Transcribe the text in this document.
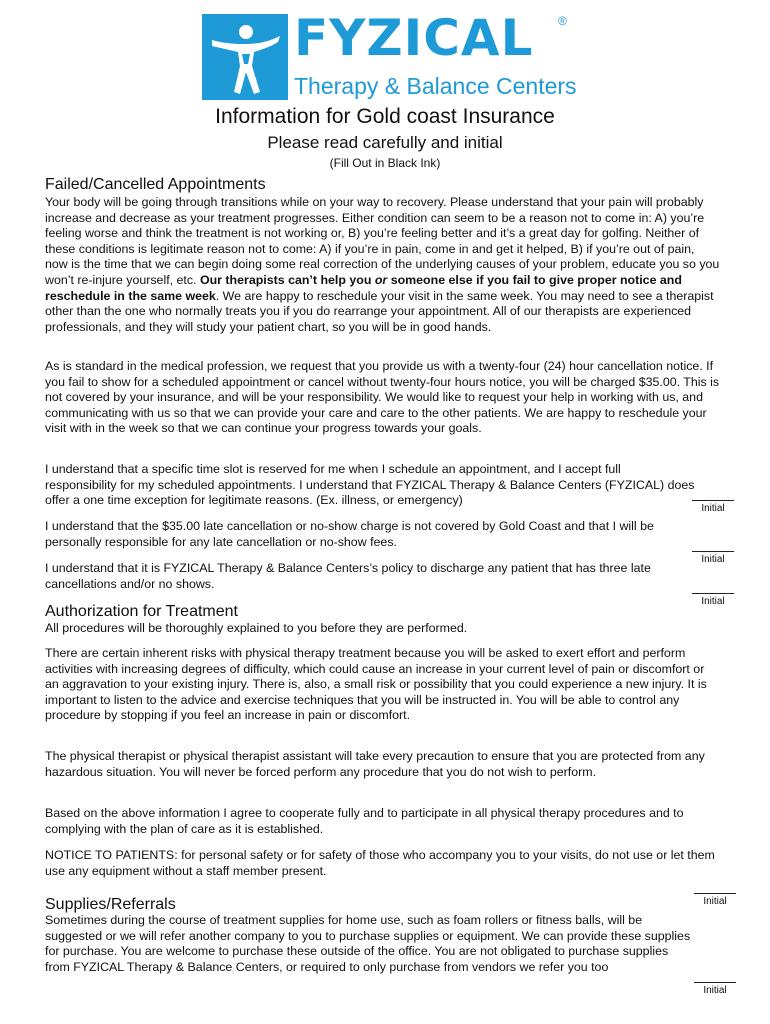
FYZICAL ®
Therapy & Balance Centers
Information for Gold coast Insurance
Please read carefully and initial
(Fill Out in Black Ink)
Failed/Cancelled Appointments
Your body will be going through transitions while on your way to recovery. Please understand that your pain will probably increase and decrease as your treatment progresses. Either condition can seem to be a reason not to come in: A) you’re feeling worse and think the treatment is not working or, B) you’re feeling better and it’s a great day for golfing. Neither of these conditions is legitimate reason not to come: A) if you’re in pain, come in and get it helped, B) if you’re out of pain, now is the time that we can begin doing some real correction of the underlying causes of your problem, educate you so you won’t re-injure yourself, etc. Our therapists can’t help you or someone else if you fail to give proper notice and reschedule in the same week. We are happy to reschedule your visit in the same week. You may need to see a therapist other than the one who normally treats you if you do rearrange your appointment. All of our therapists are experienced professionals, and they will study your patient chart, so you will be in good hands.
As is standard in the medical profession, we request that you provide us with a twenty-four (24) hour cancellation notice. If you fail to show for a scheduled appointment or cancel without twenty-four hours notice, you will be charged $35.00. This is not covered by your insurance, and will be your responsibility. We would like to request your help in working with us, and communicating with us so that we can provide your care and care to the other patients. We are happy to reschedule your visit with in the week so that we can continue your progress towards your goals.
I understand that a specific time slot is reserved for me when I schedule an appointment, and I accept full responsibility for my scheduled appointments. I understand that FYZICAL Therapy & Balance Centers (FYZICAL) does offer a one time exception for legitimate reasons. (Ex. illness, or emergency)
Initial
I understand that the $35.00 late cancellation or no-show charge is not covered by Gold Coast and that I will be personally responsible for any late cancellation or no-show fees.
Initial
I understand that it is FYZICAL Therapy & Balance Centers’s policy to discharge any patient that has three late cancellations and/or no shows.
Initial
Authorization for Treatment
All procedures will be thoroughly explained to you before they are performed.
There are certain inherent risks with physical therapy treatment because you will be asked to exert effort and perform activities with increasing degrees of difficulty, which could cause an increase in your current level of pain or discomfort or an aggravation to your existing injury. There is, also, a small risk or possibility that you could experience a new injury. It is important to listen to the advice and exercise techniques that you will be instructed in. You will be able to control any procedure by stopping if you feel an increase in pain or discomfort.
The physical therapist or physical therapist assistant will take every precaution to ensure that you are protected from any hazardous situation. You will never be forced perform any procedure that you do not wish to perform.
Based on the above information I agree to cooperate fully and to participate in all physical therapy procedures and to complying with the plan of care as it is established.
NOTICE TO PATIENTS: for personal safety or for safety of those who accompany you to your visits, do not use or let them use any equipment without a staff member present.
Initial
Supplies/Referrals
Sometimes during the course of treatment supplies for home use, such as foam rollers or fitness balls, will be suggested or we will refer another company to you to purchase supplies or equipment. We can provide these supplies for purchase. You are welcome to purchase these outside of the office. You are not obligated to purchase supplies from FYZICAL Therapy & Balance Centers, or required to only purchase from vendors we refer you too
Initial
